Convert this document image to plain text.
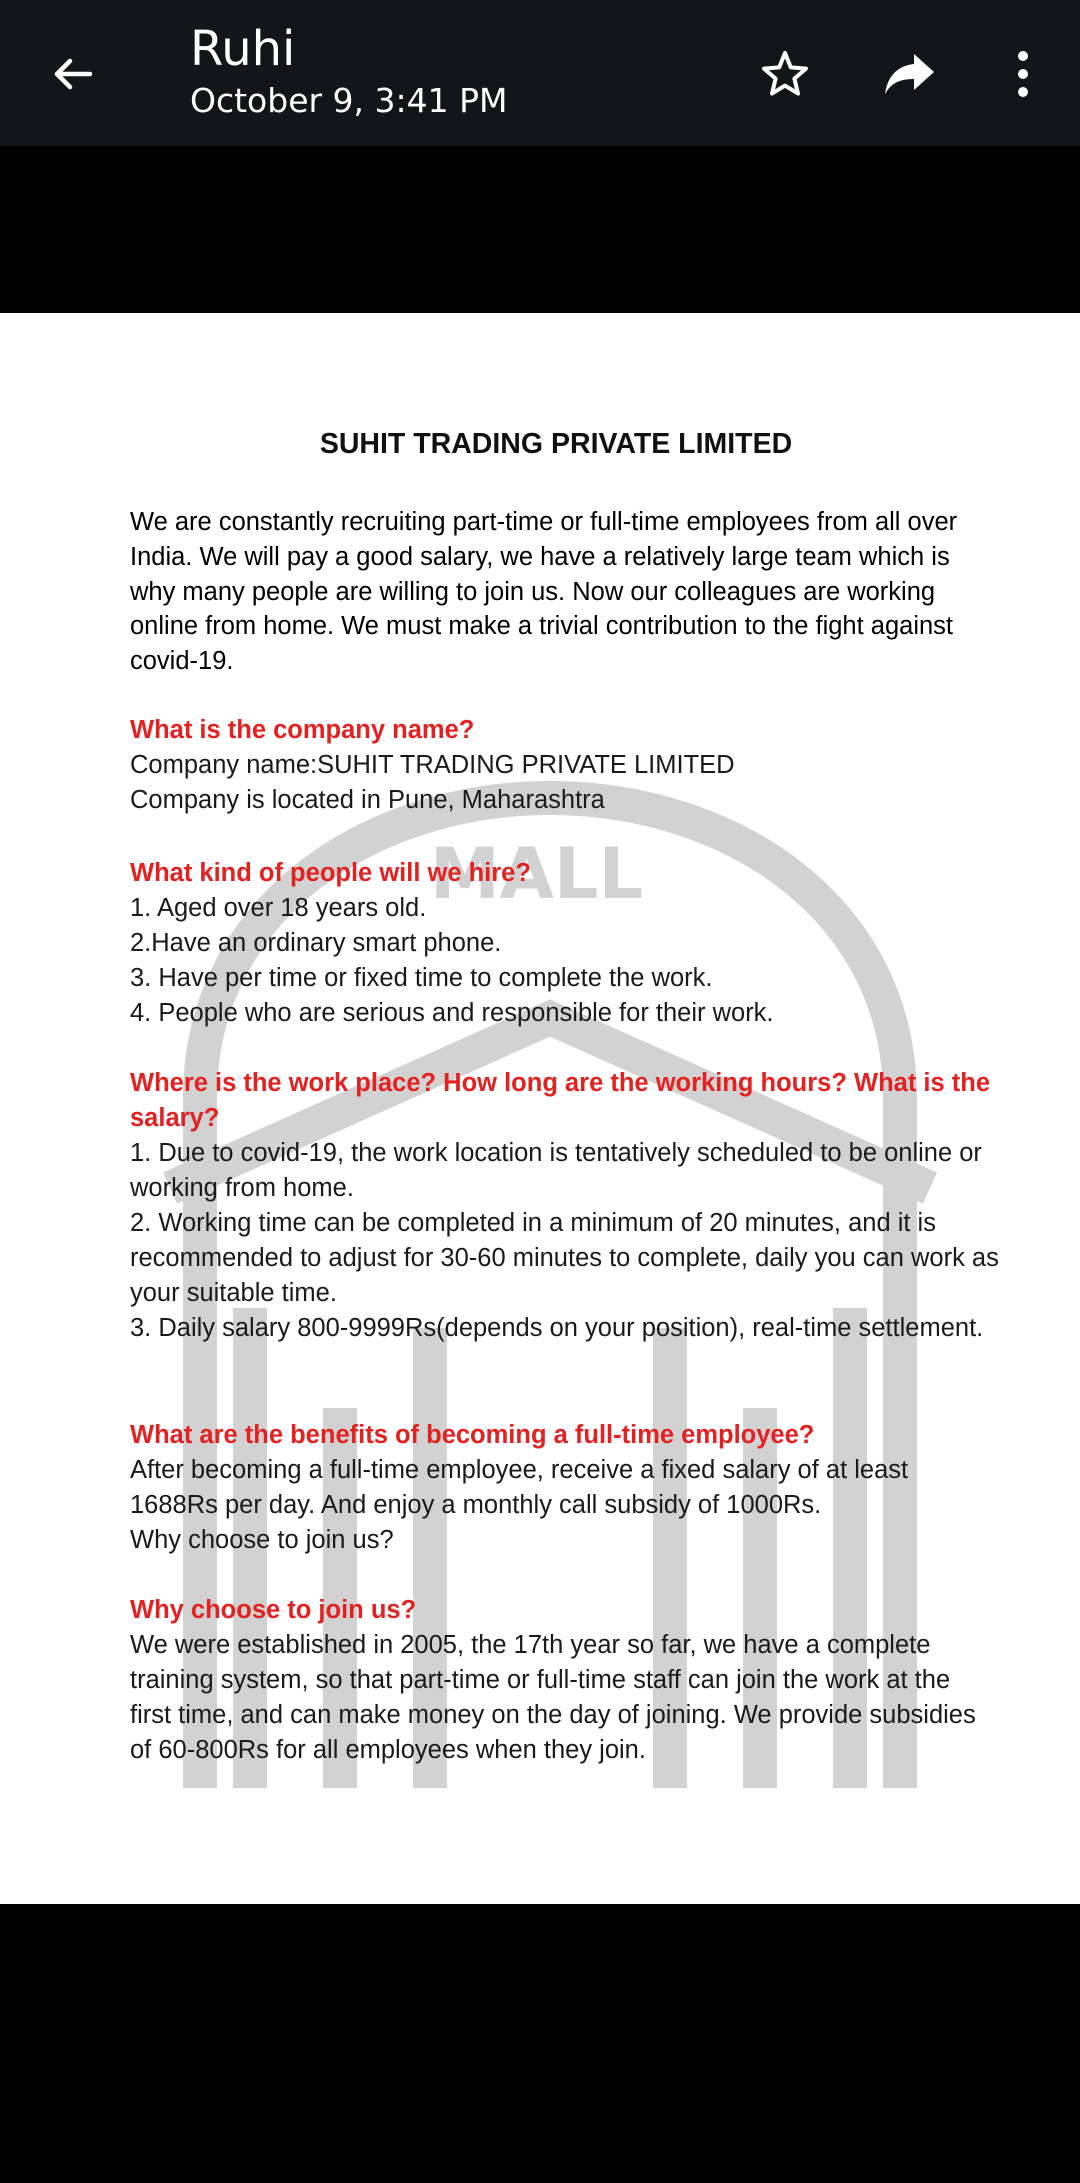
Ruhi
October 9, 3:41 PM
MALL
SUHIT TRADING PRIVATE LIMITED

We are constantly recruiting part-time or full-time employees from all over India. We will pay a good salary, we have a relatively large team which is why many people are willing to join us. Now our colleagues are working online from home. We must make a trivial contribution to the fight against covid-19.

What is the company name?

Company name:SUHIT TRADING PRIVATE LIMITED

Company is located in Pune, Maharashtra

What kind of people will we hire?

1. Aged over 18 years old.

2.Have an ordinary smart phone.

3. Have per time or fixed time to complete the work.

4. People who are serious and responsible for their work.

Where is the work place? How long are the working hours? What is the salary?

1. Due to covid-19, the work location is tentatively scheduled to be online or working from home.

2. Working time can be completed in a minimum of 20 minutes, and it is recommended to adjust for 30-60 minutes to complete, daily you can work as your suitable time.

3. Daily salary 800-9999Rs(depends on your position), real-time settlement.

What are the benefits of becoming a full-time employee?

After becoming a full-time employee, receive a fixed salary of at least 1688Rs per day. And enjoy a monthly call subsidy of 1000Rs.

Why choose to join us?

Why choose to join us?

We were established in 2005, the 17th year so far, we have a complete training system, so that part-time or full-time staff can join the work at the first time, and can make money on the day of joining. We provide subsidies of 60-800Rs for all employees when they join.
